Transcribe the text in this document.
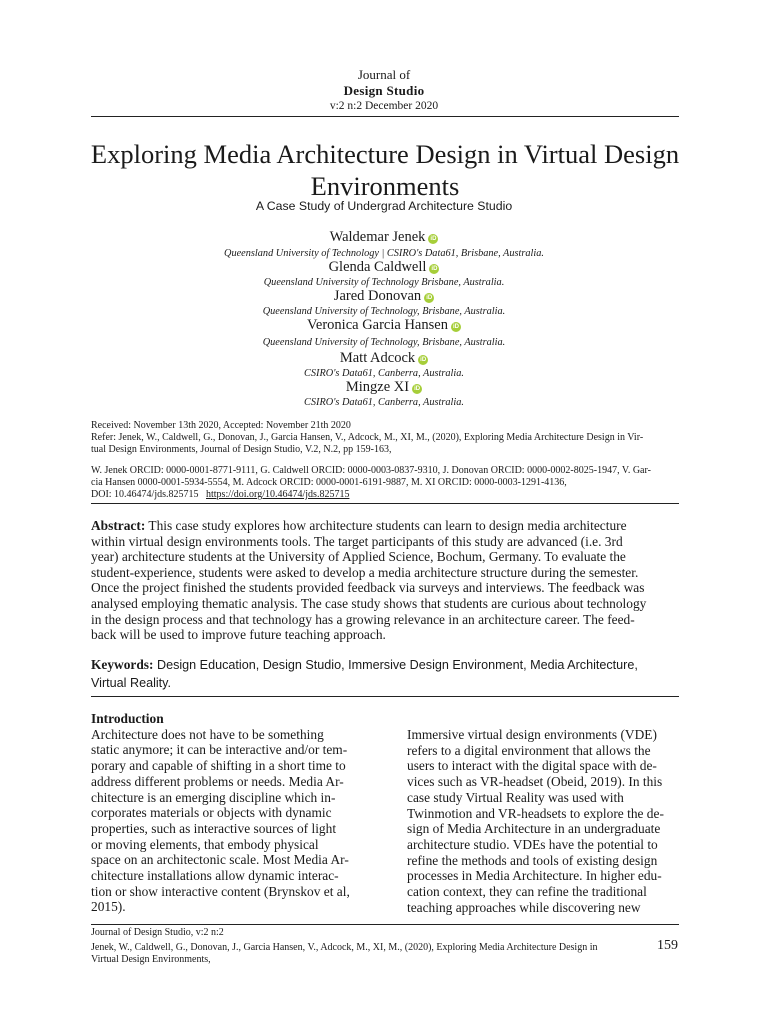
Journal of
Design Studio
v:2 n:2 December 2020
Exploring Media Architecture Design in Virtual Design Environments
A Case Study of Undergrad Architecture Studio
Waldemar Jenek iD
Queensland University of Technology | CSIRO's Data61, Brisbane, Australia.
Glenda Caldwell iD
Queensland University of Technology Brisbane, Australia.
Jared Donovan iD
Queensland University of Technology, Brisbane, Australia.
Veronica Garcia Hansen iD
Queensland University of Technology, Brisbane, Australia.
Matt Adcock iD
CSIRO's Data61, Canberra, Australia.
Mingze XI iD
CSIRO's Data61, Canberra, Australia.
Received: November 13th 2020, Accepted: November 21th 2020
Refer: Jenek, W., Caldwell, G., Donovan, J., Garcia Hansen, V., Adcock, M., XI, M., (2020), Exploring Media Architecture Design in Vir-
tual Design Environments, Journal of Design Studio, V.2, N.2, pp 159-163,
W. Jenek ORCID: 0000-0001-8771-9111, G. Caldwell ORCID: 0000-0003-0837-9310, J. Donovan ORCID: 0000-0002-8025-1947, V. Gar-
cia Hansen 0000-0001-5934-5554, M. Adcock ORCID: 0000-0001-6191-9887, M. XI ORCID: 0000-0003-1291-4136,
DOI: 10.46474/jds.825715 https://doi.org/10.46474/jds.825715
Abstract: This case study explores how architecture students can learn to design media architecture
within virtual design environments tools. The target participants of this study are advanced (i.e. 3rd
year) architecture students at the University of Applied Science, Bochum, Germany. To evaluate the
student-experience, students were asked to develop a media architecture structure during the semester.
Once the project finished the students provided feedback via surveys and interviews. The feedback was
analysed employing thematic analysis. The case study shows that students are curious about technology
in the design process and that technology has a growing relevance in an architecture career. The feed-
back will be used to improve future teaching approach.
Keywords: Design Education, Design Studio, Immersive Design Environment, Media Architecture,
Virtual Reality.
Introduction
Architecture does not have to be something
static anymore; it can be interactive and/or tem-
porary and capable of shifting in a short time to
address different problems or needs. Media Ar-
chitecture is an emerging discipline which in-
corporates materials or objects with dynamic
properties, such as interactive sources of light
or moving elements, that embody physical
space on an architectonic scale. Most Media Ar-
chitecture installations allow dynamic interac-
tion or show interactive content (Brynskov et al,
2015).
Immersive virtual design environments (VDE)
refers to a digital environment that allows the
users to interact with the digital space with de-
vices such as VR-headset (Obeid, 2019). In this
case study Virtual Reality was used with
Twinmotion and VR-headsets to explore the de-
sign of Media Architecture in an undergraduate
architecture studio. VDEs have the potential to
refine the methods and tools of existing design
processes in Media Architecture. In higher edu-
cation context, they can refine the traditional
teaching approaches while discovering new
Journal of Design Studio, v:2 n:2
Jenek, W., Caldwell, G., Donovan, J., Garcia Hansen, V., Adcock, M., XI, M., (2020), Exploring Media Architecture Design in
Virtual Design Environments,
159
